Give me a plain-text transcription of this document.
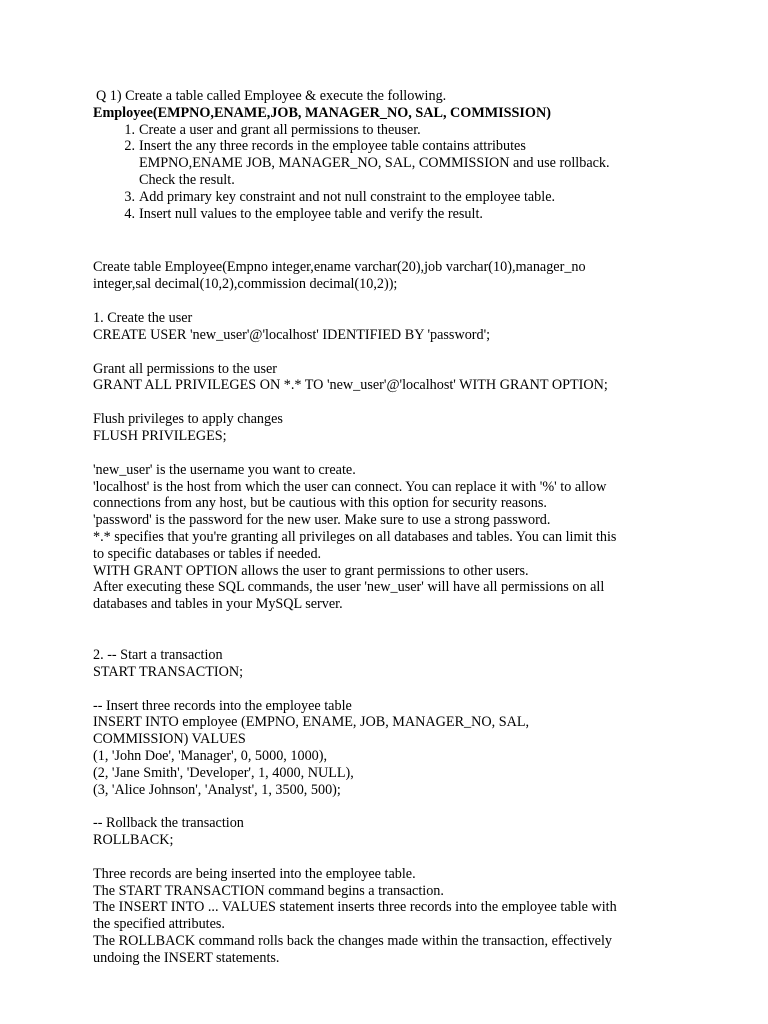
Q 1) Create a table called Employee & execute the following.
Employee(EMPNO,ENAME,JOB, MANAGER_NO, SAL, COMMISSION)
1. Create a user and grant all permissions to theuser.
2. Insert the any three records in the employee table contains attributes
EMPNO,ENAME JOB, MANAGER_NO, SAL, COMMISSION and use rollback.
Check the result.
3. Add primary key constraint and not null constraint to the employee table.
4. Insert null values to the employee table and verify the result.
Create table Employee(Empno integer,ename varchar(20),job varchar(10),manager_no
integer,sal decimal(10,2),commission decimal(10,2));
1. Create the user
CREATE USER 'new_user'@'localhost' IDENTIFIED BY 'password';
Grant all permissions to the user
GRANT ALL PRIVILEGES ON *.* TO 'new_user'@'localhost' WITH GRANT OPTION;
Flush privileges to apply changes
FLUSH PRIVILEGES;
'new_user' is the username you want to create.
'localhost' is the host from which the user can connect. You can replace it with '%' to allow
connections from any host, but be cautious with this option for security reasons.
'password' is the password for the new user. Make sure to use a strong password.
*.* specifies that you're granting all privileges on all databases and tables. You can limit this
to specific databases or tables if needed.
WITH GRANT OPTION allows the user to grant permissions to other users.
After executing these SQL commands, the user 'new_user' will have all permissions on all
databases and tables in your MySQL server.
2. -- Start a transaction
START TRANSACTION;
-- Insert three records into the employee table
INSERT INTO employee (EMPNO, ENAME, JOB, MANAGER_NO, SAL,
COMMISSION) VALUES
(1, 'John Doe', 'Manager', 0, 5000, 1000),
(2, 'Jane Smith', 'Developer', 1, 4000, NULL),
(3, 'Alice Johnson', 'Analyst', 1, 3500, 500);
-- Rollback the transaction
ROLLBACK;
Three records are being inserted into the employee table.
The START TRANSACTION command begins a transaction.
The INSERT INTO ... VALUES statement inserts three records into the employee table with
the specified attributes.
The ROLLBACK command rolls back the changes made within the transaction, effectively
undoing the INSERT statements.
